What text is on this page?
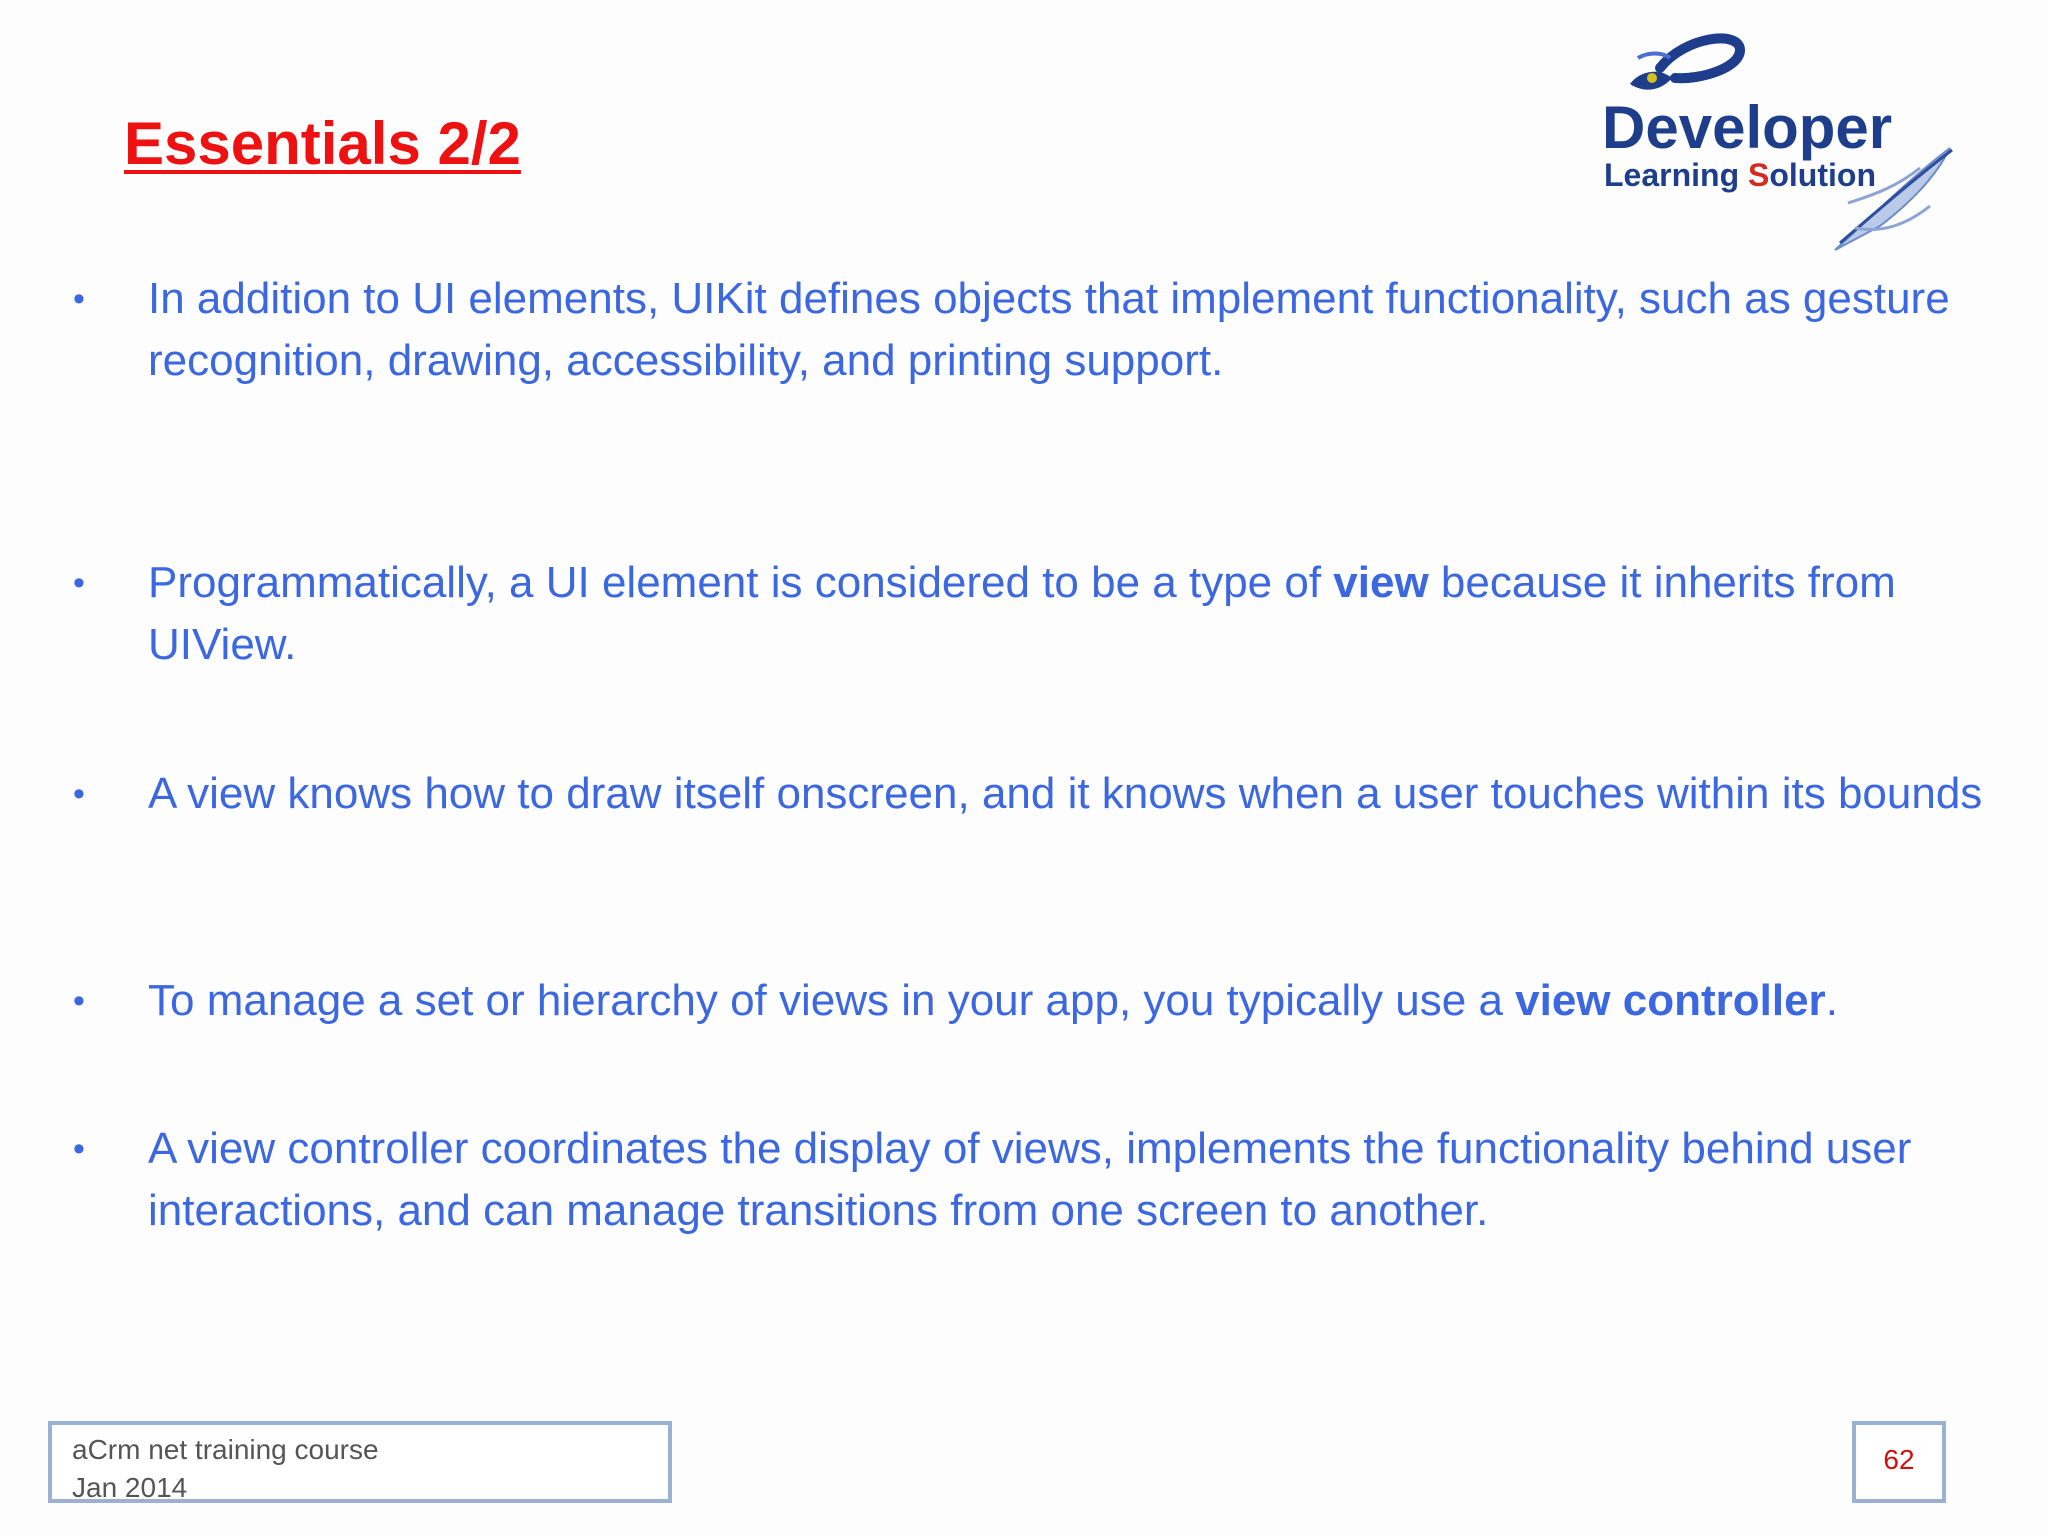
Essentials 2/2	Developer
Learning Solution
• In addition to UI elements, UIKit defines objects that implement functionality, such as gesture recognition, drawing, accessibility, and printing support.
• Programmatically, a UI element is considered to be a type of view because it inherits from UIView.
• A view knows how to draw itself onscreen, and it knows when a user touches within its bounds
• To manage a set or hierarchy of views in your app, you typically use a view controller.
• A view controller coordinates the display of views, implements the functionality behind user interactions, and can manage transitions from one screen to another.
aCrm net training course
Jan 2014
62
